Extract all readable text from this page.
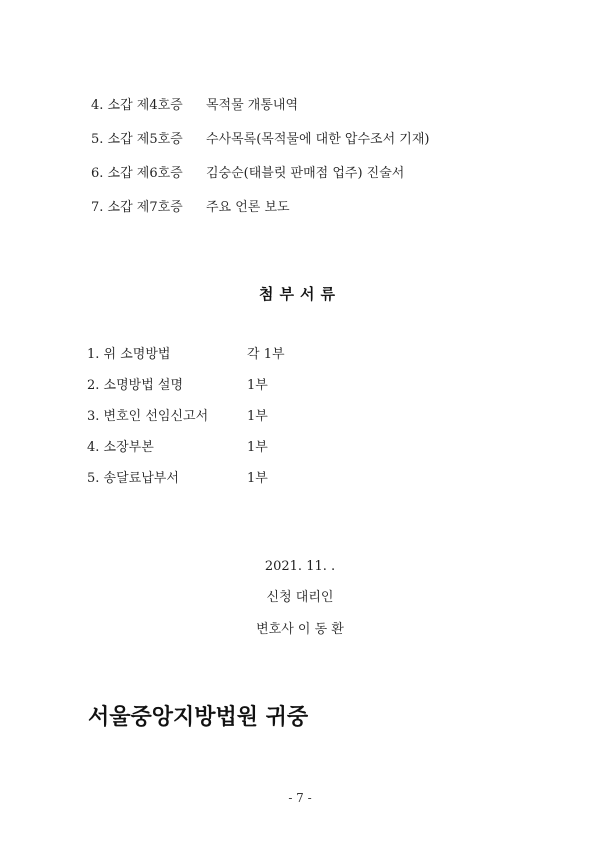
4. 소갑 제4호증 목적물 개통내역
5. 소갑 제5호증 수사목록(목적물에 대한 압수조서 기재)
6. 소갑 제6호증 김숭순(태블릿 판매점 업주) 진술서
7. 소갑 제7호증 주요 언론 보도
첨부서류
1. 위 소명방법	각 1부
2. 소명방법 설명	1부
3. 변호인 선임신고서	1부
4. 소장부본	1부
5. 송달료납부서	1부
2021. 11. .
신청 대리인
변호사 이 동 환
서울중앙지방법원 귀중
- 7 -
